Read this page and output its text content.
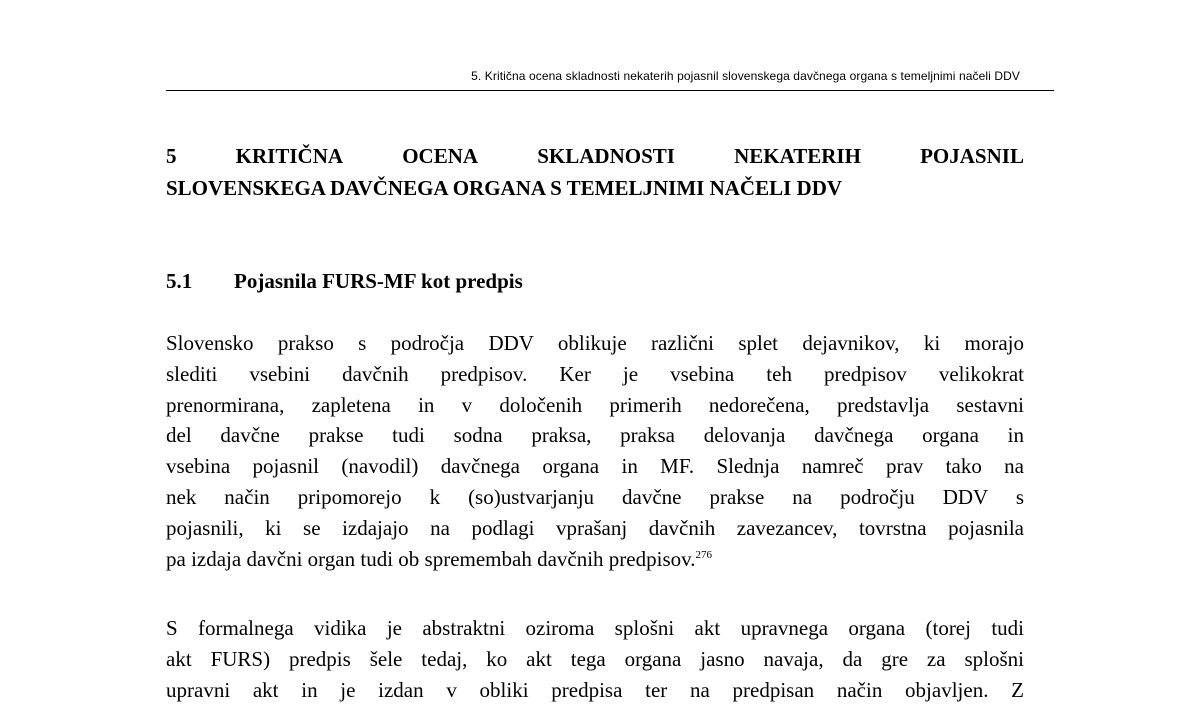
5. Kritična ocena skladnosti nekaterih pojasnil slovenskega davčnega organa s temeljnimi načeli DDV
5	KRITIČNA	OCENA	SKLADNOSTI	NEKATERIH	POJASNIL
SLOVENSKEGA DAVČNEGA ORGANA S TEMELJNIMI NAČELI DDV
5.1 Pojasnila FURS-MF kot predpis
Slovensko prakso s področja DDV oblikuje različni splet dejavnikov, ki morajo
slediti vsebini davčnih predpisov. Ker je vsebina teh predpisov velikokrat
prenormirana, zapletena in v določenih primerih nedorečena, predstavlja sestavni
del davčne prakse tudi sodna praksa, praksa delovanja davčnega organa in
vsebina pojasnil (navodil) davčnega organa in MF. Slednja namreč prav tako na
nek način pripomorejo k (so)ustvarjanju davčne prakse na področju DDV s
pojasnili, ki se izdajajo na podlagi vprašanj davčnih zavezancev, tovrstna pojasnila
pa izdaja davčni organ tudi ob spremembah davčnih predpisov.$^{276}$
S formalnega vidika je abstraktni oziroma splošni akt upravnega organa (torej tudi
akt FURS) predpis šele tedaj, ko akt tega organa jasno navaja, da gre za splošni
upravni akt in je izdan v obliki predpisa ter na predpisan način objavljen. Z
